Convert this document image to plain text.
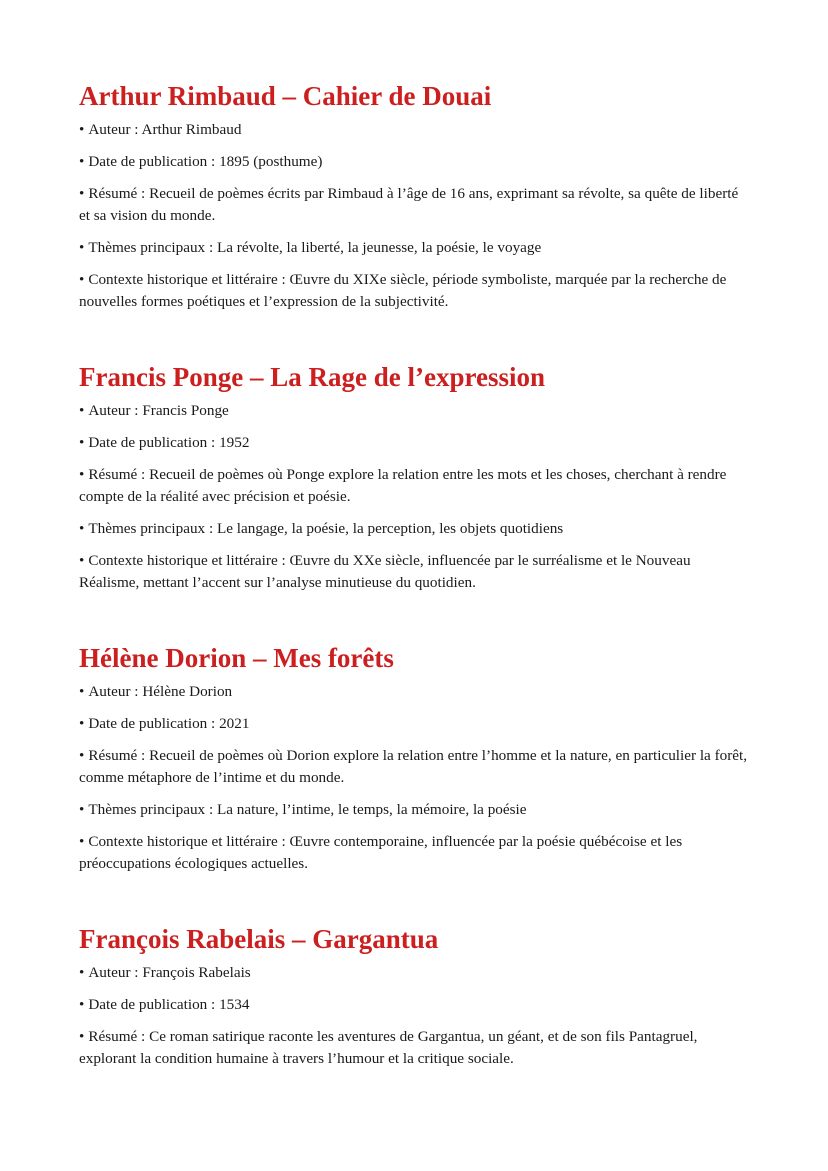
Arthur Rimbaud – Cahier de Douai

• Auteur : Arthur Rimbaud

• Date de publication : 1895 (posthume)

• Résumé : Recueil de poèmes écrits par Rimbaud à l’âge de 16 ans, exprimant sa révolte, sa quête de liberté et sa vision du monde.

• Thèmes principaux : La révolte, la liberté, la jeunesse, la poésie, le voyage

• Contexte historique et littéraire : Œuvre du XIXe siècle, période symboliste, marquée par la recherche de nouvelles formes poétiques et l’expression de la subjectivité.

Francis Ponge – La Rage de l’expression

• Auteur : Francis Ponge

• Date de publication : 1952

• Résumé : Recueil de poèmes où Ponge explore la relation entre les mots et les choses, cherchant à rendre compte de la réalité avec précision et poésie.

• Thèmes principaux : Le langage, la poésie, la perception, les objets quotidiens

• Contexte historique et littéraire : Œuvre du XXe siècle, influencée par le surréalisme et le Nouveau Réalisme, mettant l’accent sur l’analyse minutieuse du quotidien.

Hélène Dorion – Mes forêts

• Auteur : Hélène Dorion

• Date de publication : 2021

• Résumé : Recueil de poèmes où Dorion explore la relation entre l’homme et la nature, en particulier la forêt, comme métaphore de l’intime et du monde.

• Thèmes principaux : La nature, l’intime, le temps, la mémoire, la poésie

• Contexte historique et littéraire : Œuvre contemporaine, influencée par la poésie québécoise et les préoccupations écologiques actuelles.

François Rabelais – Gargantua

• Auteur : François Rabelais

• Date de publication : 1534

• Résumé : Ce roman satirique raconte les aventures de Gargantua, un géant, et de son fils Pantagruel, explorant la condition humaine à travers l’humour et la critique sociale.
